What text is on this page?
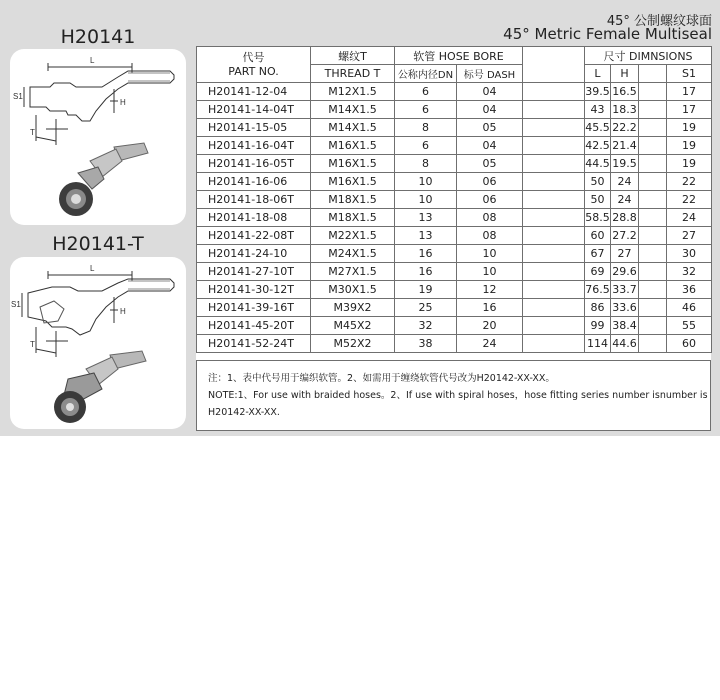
45° 公制螺纹球面
45° Metric Female Multiseal
H20141
H20141-T
L
H
S1
T
L
H
S1
T
代号
PART NO.	螺纹T	软管 HOSE BORE			尺寸 DIMNSIONS			
	THREAD T	公称内径DN	标号 DASH		L	H		S1
H20141-12-04	M12X1.5	6	04		39.5	16.5		17
H20141-14-04T	M14X1.5	6	04		43	18.3		17
H20141-15-05	M14X1.5	8	05		45.5	22.2		19
H20141-16-04T	M16X1.5	6	04		42.5	21.4		19
H20141-16-05T	M16X1.5	8	05		44.5	19.5		19
H20141-16-06	M16X1.5	10	06		50	24		22
H20141-18-06T	M18X1.5	10	06		50	24		22
H20141-18-08	M18X1.5	13	08		58.5	28.8		24
H20141-22-08T	M22X1.5	13	08		60	27.2		27
H20141-24-10	M24X1.5	16	10		67	27		30
H20141-27-10T	M27X1.5	16	10		69	29.6		32
H20141-30-12T	M30X1.5	19	12		76.5	33.7		36
H20141-39-16T	M39X2	25	16		86	33.6		46
H20141-45-20T	M45X2	32	20		99	38.4		55
H20141-52-24T	M52X2	38	24		114	44.6		60
注：1、表中代号用于编织软管。2、如需用于缠绕软管代号改为H20142-XX-XX。
NOTE:1、For use with braided hoses。2、If use with spiral hoses，hose fitting series number isnumber is
H20142-XX-XX.
